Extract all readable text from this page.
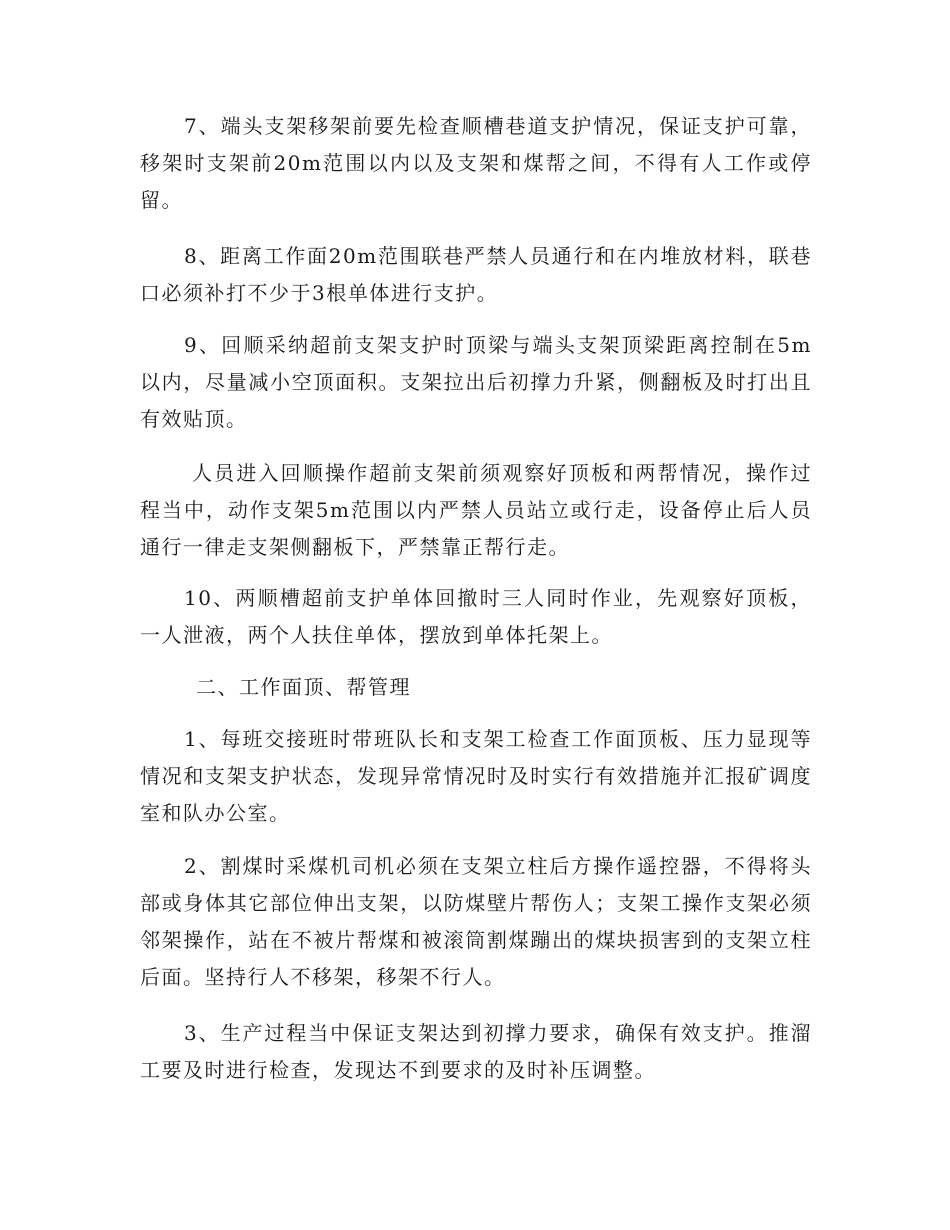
7、端头支架移架前要先检查顺槽巷道支护情况，保证支护可靠，移架时支架前20m范围以内以及支架和煤帮之间，不得有人工作或停留。

8、距离工作面20m范围联巷严禁人员通行和在内堆放材料，联巷口必须补打不少于3根单体进行支护。

9、回顺采纳超前支架支护时顶梁与端头支架顶梁距离控制在5m以内，尽量减小空顶面积。支架拉出后初撑力升紧，侧翻板及时打出且有效贴顶。

人员进入回顺操作超前支架前须观察好顶板和两帮情况，操作过程当中，动作支架5m范围以内严禁人员站立或行走，设备停止后人员通行一律走支架侧翻板下，严禁靠正帮行走。

10、两顺槽超前支护单体回撤时三人同时作业，先观察好顶板，一人泄液，两个人扶住单体，摆放到单体托架上。

二、工作面顶、帮管理

1、每班交接班时带班队长和支架工检查工作面顶板、压力显现等情况和支架支护状态，发现异常情况时及时实行有效措施并汇报矿调度室和队办公室。

2、割煤时采煤机司机必须在支架立柱后方操作遥控器，不得将头部或身体其它部位伸出支架，以防煤壁片帮伤人；支架工操作支架必须邻架操作，站在不被片帮煤和被滚筒割煤蹦出的煤块损害到的支架立柱后面。坚持行人不移架，移架不行人。

3、生产过程当中保证支架达到初撑力要求，确保有效支护。推溜工要及时进行检查，发现达不到要求的及时补压调整。
